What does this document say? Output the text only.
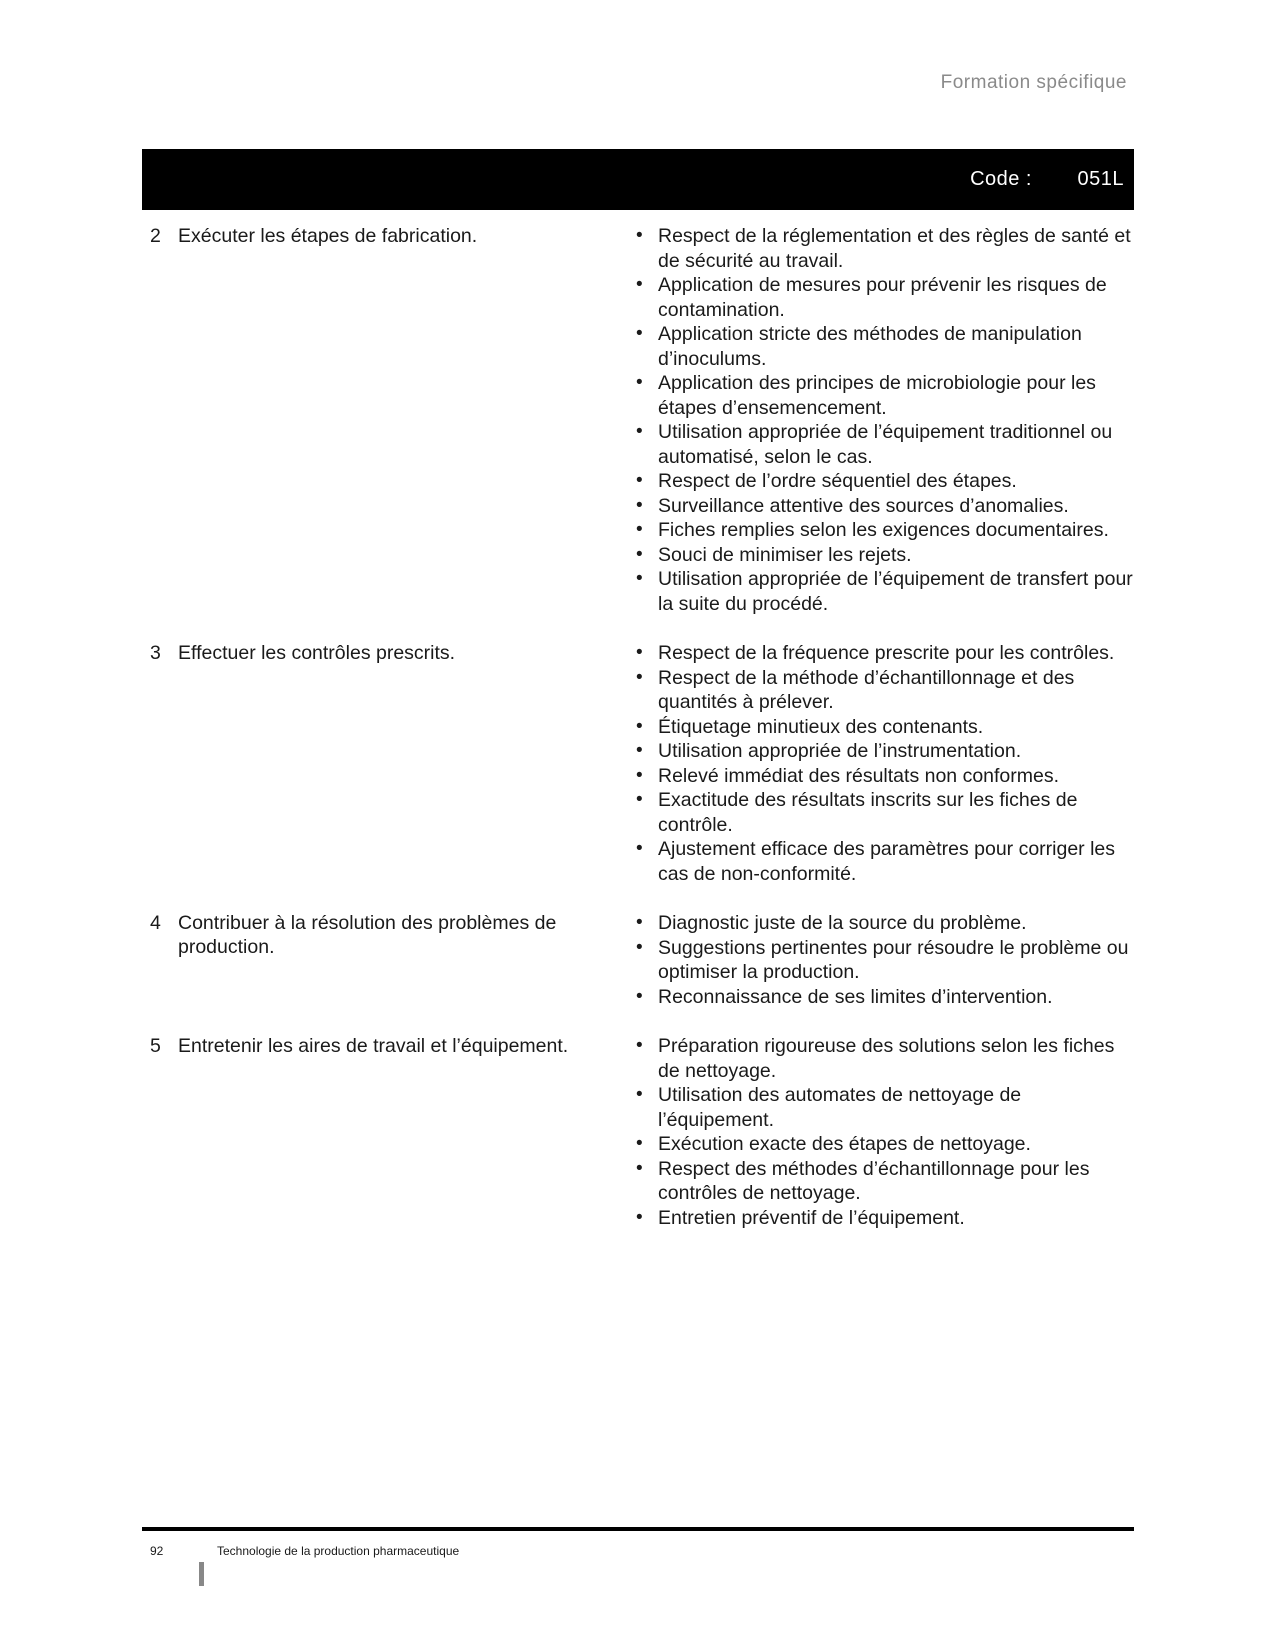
Formation spécifique
Code : 051L
2 Exécuter les étapes de fabrication.	• Respect de la réglementation et des règles de santé et de sécurité au travail.
• Application de mesures pour prévenir les risques de contamination.
• Application stricte des méthodes de manipulation d’inoculums.
• Application des principes de microbiologie pour les étapes d’ensemencement.
• Utilisation appropriée de l’équipement traditionnel ou automatisé, selon le cas.
• Respect de l’ordre séquentiel des étapes.
• Surveillance attentive des sources d’anomalies.
• Fiches remplies selon les exigences documentaires.
• Souci de minimiser les rejets.
• Utilisation appropriée de l’équipement de transfert pour la suite du procédé.
3 Effectuer les contrôles prescrits.	• Respect de la fréquence prescrite pour les contrôles.
• Respect de la méthode d’échantillonnage et des quantités à prélever.
• Étiquetage minutieux des contenants.
• Utilisation appropriée de l’instrumentation.
• Relevé immédiat des résultats non conformes.
• Exactitude des résultats inscrits sur les fiches de contrôle.
• Ajustement efficace des paramètres pour corriger les cas de non-conformité.
4 Contribuer à la résolution des problèmes de production.
• Diagnostic juste de la source du problème.
• Suggestions pertinentes pour résoudre le problème ou optimiser la production.
• Reconnaissance de ses limites d’intervention.
5 Entretenir les aires de travail et l’équipement.	• Préparation rigoureuse des solutions selon les fiches de nettoyage.
• Utilisation des automates de nettoyage de l’équipement.
• Exécution exacte des étapes de nettoyage.
• Respect des méthodes d’échantillonnage pour les contrôles de nettoyage.
• Entretien préventif de l’équipement.
92	Technologie de la production pharmaceutique
